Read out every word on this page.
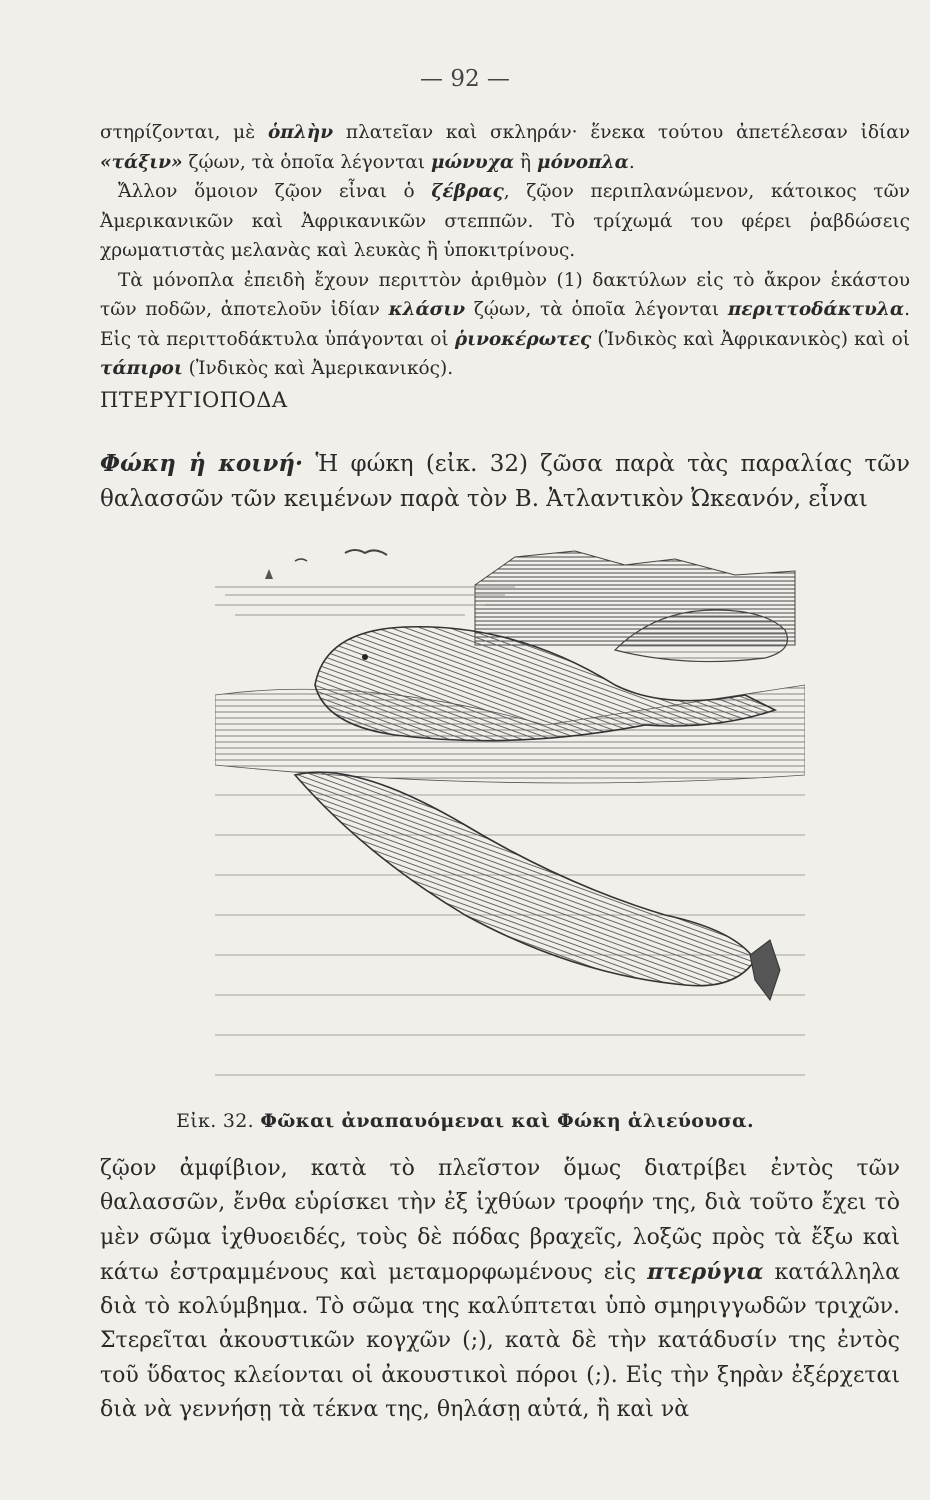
— 92 —

στηρίζονται, μὲ ὁπλὴν πλατεῖαν καὶ σκληράν· ἕνεκα τούτου ἀπετέλεσαν ἰδίαν «τάξιν» ζῴων, τὰ ὁποῖα λέγονται μώνυχα ἢ μόνοπλα.

Ἄλλον ὅμοιον ζῷον εἶναι ὁ ζέβρας, ζῷον περιπλανώμενον, κάτοικος τῶν Ἀμερικανικῶν καὶ Ἀφρικανικῶν στεππῶν. Τὸ τρίχωμά του φέρει ῥαβδώσεις χρωματιστὰς μελανὰς καὶ λευκὰς ἢ ὑποκιτρίνους.

Τὰ μόνοπλα ἐπειδὴ ἔχουν περιττὸν ἀριθμὸν (1) δακτύλων εἰς τὸ ἄκρον ἑκάστου τῶν ποδῶν, ἀποτελοῦν ἰδίαν κλάσιν ζῴων, τὰ ὁποῖα λέγονται περιττοδάκτυλα. Εἰς τὰ περιττοδάκτυλα ὑπάγονται οἱ ῥινοκέρωτες (Ἰνδικὸς καὶ Ἀφρικανικὸς) καὶ οἱ τάπιροι (Ἰνδικὸς καὶ Ἀμερικανικός).

ΠΤΕΡΥΓΙΟΠΟΔΑ

Φώκη ἡ κοινή· Ἡ φώκη (εἰκ. 32) ζῶσα παρὰ τὰς παραλίας τῶν θαλασσῶν τῶν κειμένων παρὰ τὸν Β. Ἀτλαντικὸν Ὠκεανόν, εἶναι
Εἰκ. 32. Φῶκαι ἀναπαυόμεναι καὶ Φώκη ἁλιεύουσα.
ζῷον ἀμφίβιον, κατὰ τὸ πλεῖστον ὅμως διατρίβει ἐντὸς τῶν θαλασσῶν, ἔνθα εὑρίσκει τὴν ἐξ ἰχθύων τροφήν της, διὰ τοῦτο ἔχει τὸ μὲν σῶμα ἰχθυοειδές, τοὺς δὲ πόδας βραχεῖς, λοξῶς πρὸς τὰ ἔξω καὶ κάτω ἐστραμμένους καὶ μεταμορφωμένους εἰς πτερύγια κατάλληλα διὰ τὸ κολύμβημα. Τὸ σῶμα της καλύπτεται ὑπὸ σμηριγγωδῶν τριχῶν. Στερεῖται ἀκουστικῶν κογχῶν (;), κατὰ δὲ τὴν κατάδυσίν της ἐντὸς τοῦ ὕδατος κλείονται οἱ ἀκουστικοὶ πόροι (;). Εἰς τὴν ξηρὰν ἐξέρχεται διὰ νὰ γεννήσῃ τὰ τέκνα της, θηλάσῃ αὐτά, ἢ καὶ νὰ
